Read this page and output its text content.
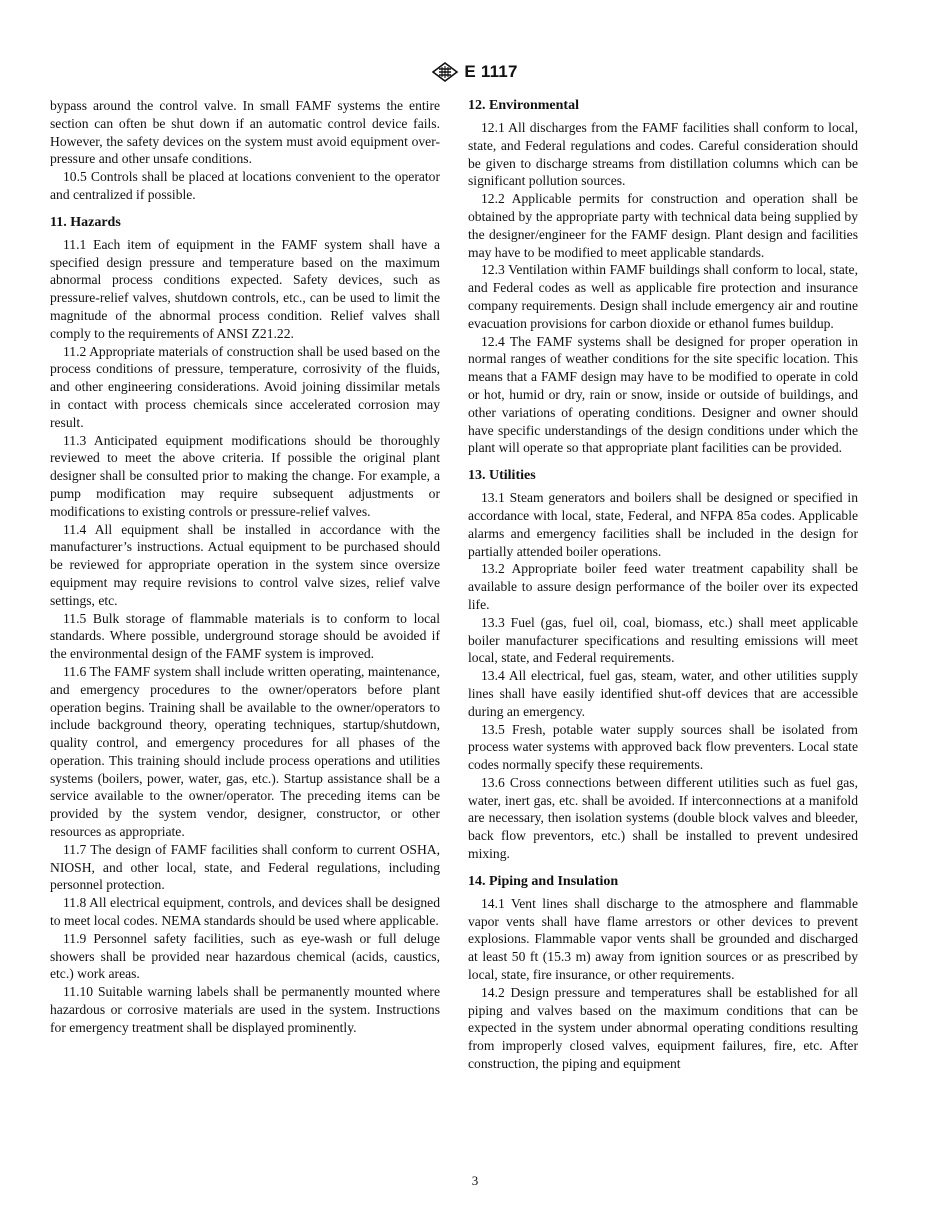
E 1117

bypass around the control valve. In small FAMF systems the entire section can often be shut down if an automatic control device fails. However, the safety devices on the system must avoid equipment over-pressure and other unsafe conditions.

10.5 Controls shall be placed at locations convenient to the operator and centralized if possible.

11. Hazards

11.1 Each item of equipment in the FAMF system shall have a specified design pressure and temperature based on the maximum abnormal process conditions expected. Safety devices, such as pressure-relief valves, shutdown controls, etc., can be used to limit the magnitude of the abnormal process condition. Relief valves shall comply to the requirements of ANSI Z21.22.

11.2 Appropriate materials of construction shall be used based on the process conditions of pressure, temperature, corrosivity of the fluids, and other engineering considerations. Avoid joining dissimilar metals in contact with process chemicals since accelerated corrosion may result.

11.3 Anticipated equipment modifications should be thoroughly reviewed to meet the above criteria. If possible the original plant designer shall be consulted prior to making the change. For example, a pump modification may require subsequent adjustments or modifications to existing controls or pressure-relief valves.

11.4 All equipment shall be installed in accordance with the manufacturer’s instructions. Actual equipment to be purchased should be reviewed for appropriate operation in the system since oversize equipment may require revisions to control valve sizes, relief valve settings, etc.

11.5 Bulk storage of flammable materials is to conform to local standards. Where possible, underground storage should be avoided if the environmental design of the FAMF system is improved.

11.6 The FAMF system shall include written operating, maintenance, and emergency procedures to the owner/operators before plant operation begins. Training shall be available to the owner/operators to include background theory, operating techniques, startup/shutdown, quality control, and emergency procedures for all phases of the operation. This training should include process operations and utilities systems (boilers, power, water, gas, etc.). Startup assistance shall be a service available to the owner/operator. The preceding items can be provided by the system vendor, designer, constructor, or other resources as appropriate.

11.7 The design of FAMF facilities shall conform to current OSHA, NIOSH, and other local, state, and Federal regulations, including personnel protection.

11.8 All electrical equipment, controls, and devices shall be designed to meet local codes. NEMA standards should be used where applicable.

11.9 Personnel safety facilities, such as eye-wash or full deluge showers shall be provided near hazardous chemical (acids, caustics, etc.) work areas.

11.10 Suitable warning labels shall be permanently mounted where hazardous or corrosive materials are used in the system. Instructions for emergency treatment shall be displayed prominently.

12. Environmental

12.1 All discharges from the FAMF facilities shall conform to local, state, and Federal regulations and codes. Careful consideration should be given to discharge streams from distillation columns which can be significant pollution sources.

12.2 Applicable permits for construction and operation shall be obtained by the appropriate party with technical data being supplied by the designer/engineer for the FAMF design. Plant design and facilities may have to be modified to meet applicable standards.

12.3 Ventilation within FAMF buildings shall conform to local, state, and Federal codes as well as applicable fire protection and insurance company requirements. Design shall include emergency air and routine evacuation provisions for carbon dioxide or ethanol fumes buildup.

12.4 The FAMF systems shall be designed for proper operation in normal ranges of weather conditions for the site specific location. This means that a FAMF design may have to be modified to operate in cold or hot, humid or dry, rain or snow, inside or outside of buildings, and other variations of operating conditions. Designer and owner should have specific understandings of the design conditions under which the plant will operate so that appropriate plant facilities can be provided.

13. Utilities

13.1 Steam generators and boilers shall be designed or specified in accordance with local, state, Federal, and NFPA 85a codes. Applicable alarms and emergency facilities shall be included in the design for partially attended boiler operations.

13.2 Appropriate boiler feed water treatment capability shall be available to assure design performance of the boiler over its expected life.

13.3 Fuel (gas, fuel oil, coal, biomass, etc.) shall meet applicable boiler manufacturer specifications and resulting emissions will meet local, state, and Federal requirements.

13.4 All electrical, fuel gas, steam, water, and other utilities supply lines shall have easily identified shut-off devices that are accessible during an emergency.

13.5 Fresh, potable water supply sources shall be isolated from process water systems with approved back flow preventers. Local state codes normally specify these requirements.

13.6 Cross connections between different utilities such as fuel gas, water, inert gas, etc. shall be avoided. If interconnections at a manifold are necessary, then isolation systems (double block valves and bleeder, back flow preventors, etc.) shall be installed to prevent undesired mixing.

14. Piping and Insulation

14.1 Vent lines shall discharge to the atmosphere and flammable vapor vents shall have flame arrestors or other devices to prevent explosions. Flammable vapor vents shall be grounded and discharged at least 50 ft (15.3 m) away from ignition sources or as prescribed by local, state, fire insurance, or other requirements.

14.2 Design pressure and temperatures shall be established for all piping and valves based on the maximum conditions that can be expected in the system under abnormal operating conditions resulting from improperly closed valves, equipment failures, fire, etc. After construction, the piping and equipment

3
